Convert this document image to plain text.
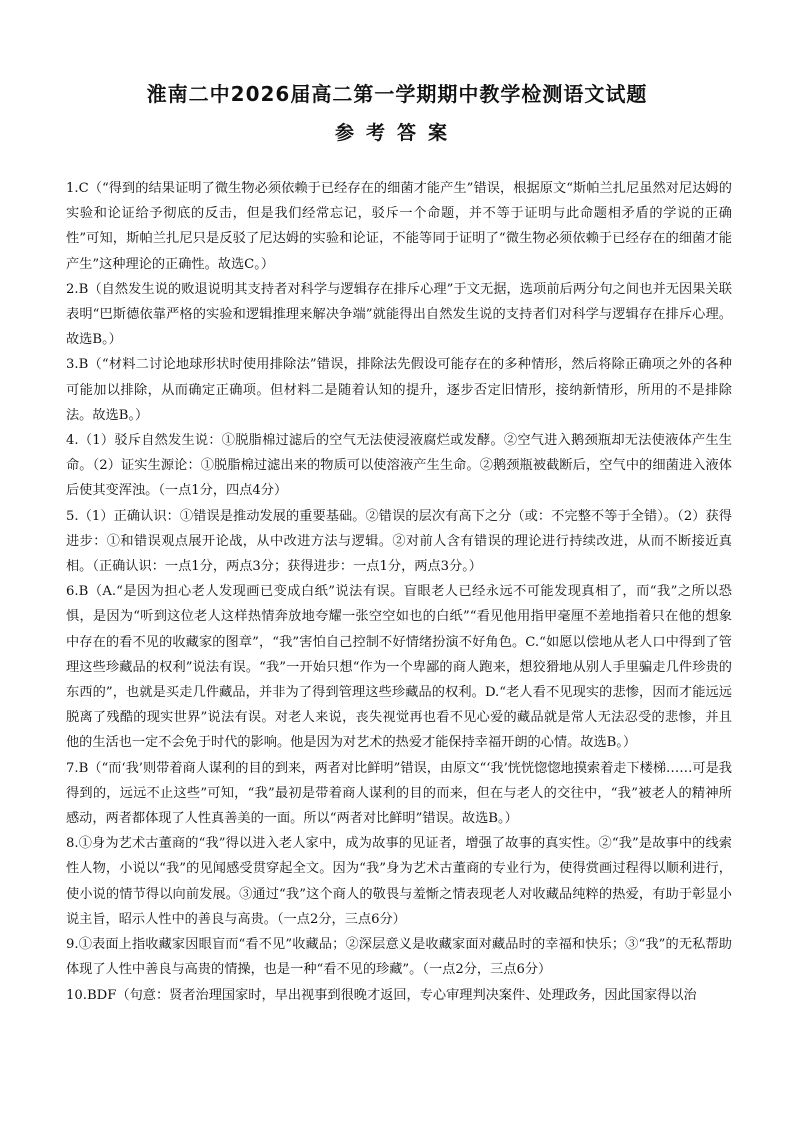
淮南二中2026届高二第一学期期中教学检测语文试题
参考答案
1.C（“得到的结果证明了微生物必须依赖于已经存在的细菌才能产生”错误，根据原文“斯帕兰扎尼虽然对尼达姆的实验和论证给予彻底的反击，但是我们经常忘记，驳斥一个命题，并不等于证明与此命题相矛盾的学说的正确性”可知，斯帕兰扎尼只是反驳了尼达姆的实验和论证，不能等同于证明了“微生物必须依赖于已经存在的细菌才能产生”这种理论的正确性。故选C。）
2.B（自然发生说的败退说明其支持者对科学与逻辑存在排斥心理”于文无据，选项前后两分句之间也并无因果关联表明“巴斯德依靠严格的实验和逻辑推理来解决争端”就能得出自然发生说的支持者们对科学与逻辑存在排斥心理。故选B。）
3.B（“材料二讨论地球形状时使用排除法”错误，排除法先假设可能存在的多种情形，然后将除正确项之外的各种可能加以排除，从而确定正确项。但材料二是随着认知的提升，逐步否定旧情形，接纳新情形，所用的不是排除法。故选B。）
4.（1）驳斥自然发生说：①脱脂棉过滤后的空气无法使浸液腐烂或发酵。②空气进入鹅颈瓶却无法使液体产生生命。（2）证实生源论：①脱脂棉过滤出来的物质可以使溶液产生生命。②鹅颈瓶被截断后，空气中的细菌进入液体后使其变浑浊。（一点1分，四点4分）
5.（1）正确认识：①错误是推动发展的重要基础。②错误的层次有高下之分（或：不完整不等于全错）。（2）获得进步：①和错误观点展开论战，从中改进方法与逻辑。②对前人含有错误的理论进行持续改进，从而不断接近真相。（正确认识：一点1分，两点3分；获得进步：一点1分，两点3分。）
6.B（A.“是因为担心老人发现画已变成白纸”说法有误。盲眼老人已经永远不可能发现真相了，而“我”之所以恐惧，是因为“听到这位老人这样热情奔放地夸耀一张空空如也的白纸”“看见他用指甲毫厘不差地指着只在他的想象中存在的看不见的收藏家的图章”，“我”害怕自己控制不好情绪扮演不好角色。C.“如愿以偿地从老人口中得到了管理这些珍藏品的权利”说法有误。“我”一开始只想“作为一个卑鄙的商人跑来，想狡猾地从别人手里骗走几件珍贵的东西的”，也就是买走几件藏品，并非为了得到管理这些珍藏品的权利。D.“老人看不见现实的悲惨，因而才能远远脱离了残酷的现实世界”说法有误。对老人来说，丧失视觉再也看不见心爱的藏品就是常人无法忍受的悲惨，并且他的生活也一定不会免于时代的影响。他是因为对艺术的热爱才能保持幸福开朗的心情。故选B。）
7.B（“而‘我’则带着商人谋利的目的到来，两者对比鲜明”错误，由原文“‘我’恍恍惚惚地摸索着走下楼梯……可是我得到的，远远不止这些”可知，“我”最初是带着商人谋利的目的而来，但在与老人的交往中，“我”被老人的精神所感动，两者都体现了人性真善美的一面。所以“两者对比鲜明”错误。故选B。）
8.①身为艺术古董商的“我”得以进入老人家中，成为故事的见证者，增强了故事的真实性。②“我”是故事中的线索性人物，小说以“我”的见闻感受贯穿起全文。因为“我”身为艺术古董商的专业行为，使得赏画过程得以顺利进行，使小说的情节得以向前发展。③通过“我”这个商人的敬畏与羞惭之情表现老人对收藏品纯粹的热爱，有助于彰显小说主旨，昭示人性中的善良与高贵。（一点2分，三点6分）
9.①表面上指收藏家因眼盲而“看不见”收藏品；②深层意义是收藏家面对藏品时的幸福和快乐；③“我”的无私帮助体现了人性中善良与高贵的情操，也是一种“看不见的珍藏”。（一点2分，三点6分）
10.BDF（句意：贤者治理国家时，早出视事到很晚才返回，专心审理判决案件、处理政务，因此国家得以治
